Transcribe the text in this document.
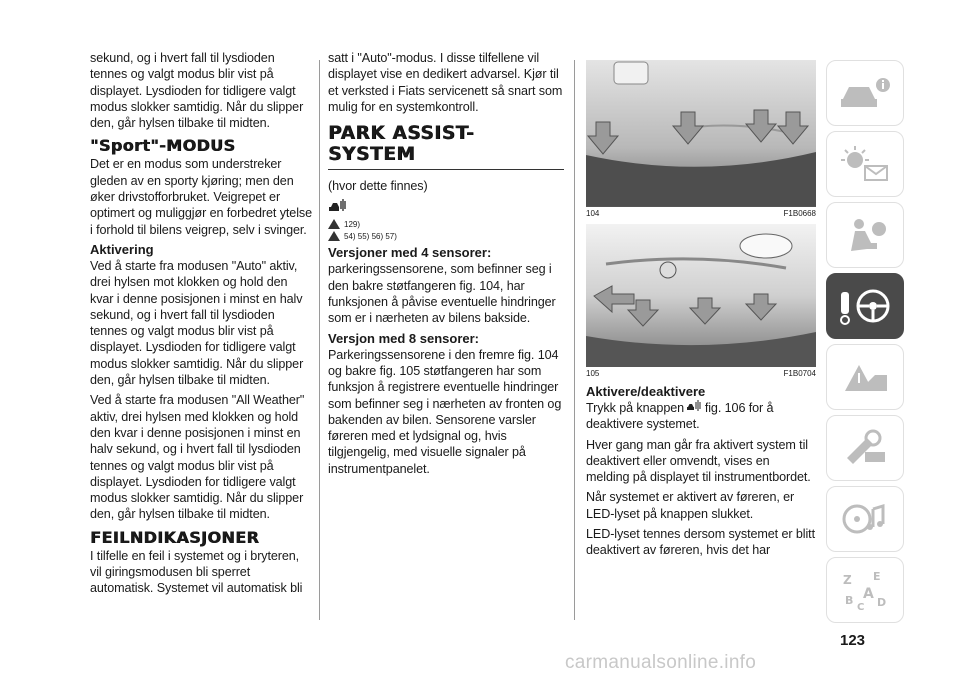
sekund, og i hvert fall til lysdioden tennes og valgt modus blir vist på displayet. Lysdioden for tidligere valgt modus slokker samtidig. Når du slipper den, går hylsen tilbake til midten.

"Sport"-MODUS

Det er en modus som understreker gleden av en sporty kjøring; men den øker drivstofforbruket. Veigrepet er optimert og muliggjør en forbedret ytelse i forhold til bilens veigrep, selv i svinger.

Aktivering

Ved å starte fra modusen "Auto" aktiv, drei hylsen mot klokken og hold den kvar i denne posisjonen i minst en halv sekund, og i hvert fall til lysdioden tennes og valgt modus blir vist på displayet. Lysdioden for tidligere valgt modus slokker samtidig. Når du slipper den, går hylsen tilbake til midten.

Ved å starte fra modusen "All Weather" aktiv, drei hylsen med klokken og hold den kvar i denne posisjonen i minst en halv sekund, og i hvert fall til lysdioden tennes og valgt modus blir vist på displayet. Lysdioden for tidligere valgt modus slokker samtidig. Når du slipper den, går hylsen tilbake til midten.

FEILNDIKASJONER

I tilfelle en feil i systemet og i bryteren, vil giringsmodusen bli sperret automatisk. Systemet vil automatisk bli

satt i "Auto"-modus. I disse tilfellene vil displayet vise en dedikert advarsel. Kjør til et verksted i Fiats servicenett så snart som mulig for en systemkontroll.

PARK ASSIST-
SYSTEM

(hvor dette finnes)

129)
54) 55) 56) 57)
Versjoner med 4 sensorer:

parkeringssensorene, som befinner seg i den bakre støtfangeren fig. 104, har funksjonen å påvise eventuelle hindringer som er i nærheten av bilens bakside.

Versjon med 8 sensorer:

Parkeringssensorene i den fremre fig. 104 og bakre fig. 105 støtfangeren har som funksjon å registrere eventuelle hindringer som befinner seg i nærheten av fronten og bakenden av bilen. Sensorene varsler føreren med et lydsignal og, hvis tilgjengelig, med visuelle signaler på instrumentpanelet.

104	F1B0668
105	F1B0704
Aktivere/deaktivere

Trykk på knappen  fig. 106 for å deaktivere systemet.

Hver gang man går fra aktivert system til deaktivert eller omvendt, vises en melding på displayet til instrumentbordet.

Når systemet er aktivert av føreren, er LED-lyset på knappen slukket.

LED-lyset tennes dersom systemet er blitt deaktivert av føreren, hvis det har

Z E
B A
D
C
123
carmanualsonline.info
